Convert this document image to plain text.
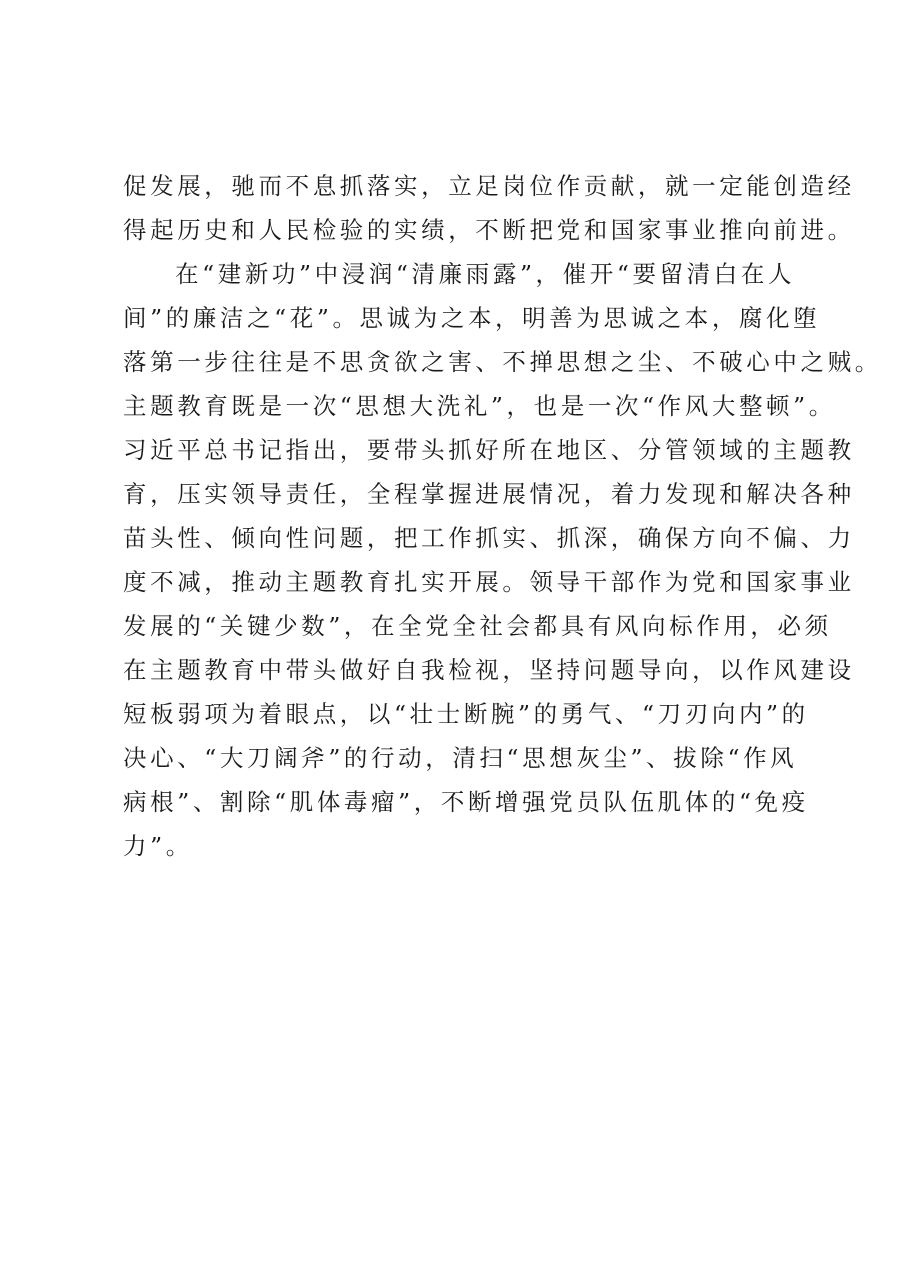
促发展，驰而不息抓落实，立足岗位作贡献，就一定能创造经
得起历史和人民检验的实绩，不断把党和国家事业推向前进。
在“建新功”中浸润“清廉雨露”，催开“要留清白在人
间”的廉洁之“花”。思诚为之本，明善为思诚之本，腐化堕
落第一步往往是不思贪欲之害、不掸思想之尘、不破心中之贼。
主题教育既是一次“思想大洗礼”，也是一次“作风大整顿”。
习近平总书记指出，要带头抓好所在地区、分管领域的主题教
育，压实领导责任，全程掌握进展情况，着力发现和解决各种
苗头性、倾向性问题，把工作抓实、抓深，确保方向不偏、力
度不减，推动主题教育扎实开展。领导干部作为党和国家事业
发展的“关键少数”，在全党全社会都具有风向标作用，必须
在主题教育中带头做好自我检视，坚持问题导向，以作风建设
短板弱项为着眼点，以“壮士断腕”的勇气、“刀刃向内”的
决心、“大刀阔斧”的行动，清扫“思想灰尘”、拔除“作风
病根”、割除“肌体毒瘤”，不断增强党员队伍肌体的“免疫
力”。
